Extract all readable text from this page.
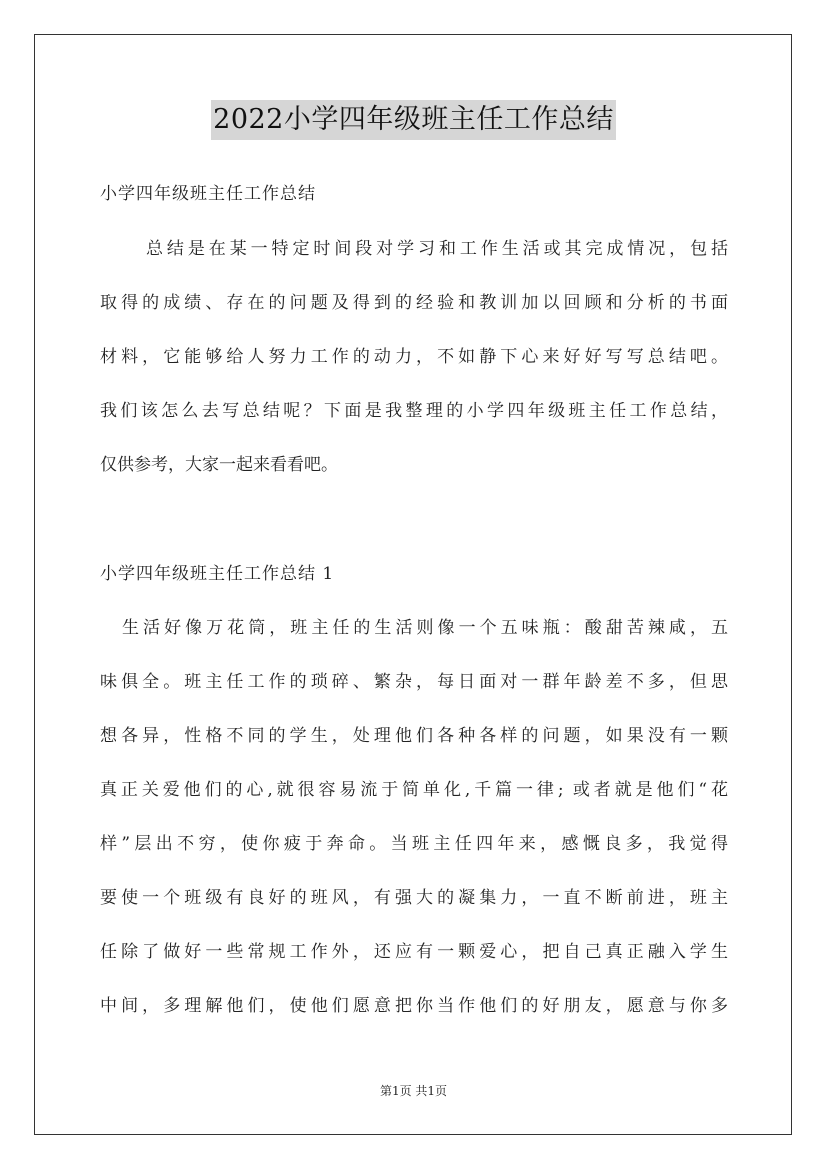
2022小学四年级班主任工作总结
小学四年级班主任工作总结
总结是在某一特定时间段对学习和工作生活或其完成情况，包括
取得的成绩、存在的问题及得到的经验和教训加以回顾和分析的书面
材料，它能够给人努力工作的动力，不如静下心来好好写写总结吧。
我们该怎么去写总结呢？下面是我整理的小学四年级班主任工作总结，
仅供参考，大家一起来看看吧。
小学四年级班主任工作总结 1
生活好像万花筒，班主任的生活则像一个五味瓶：酸甜苦辣咸，五
味俱全。班主任工作的琐碎、繁杂，每日面对一群年龄差不多，但思
想各异，性格不同的学生，处理他们各种各样的问题，如果没有一颗
真正关爱他们的心,就很容易流于简单化,千篇一律; 或者就是他们“花
样”层出不穷，使你疲于奔命。当班主任四年来，感慨良多，我觉得
要使一个班级有良好的班风，有强大的凝集力，一直不断前进，班主
任除了做好一些常规工作外，还应有一颗爱心，把自己真正融入学生
中间，多理解他们，使他们愿意把你当作他们的好朋友，愿意与你多
第1页 共1页
